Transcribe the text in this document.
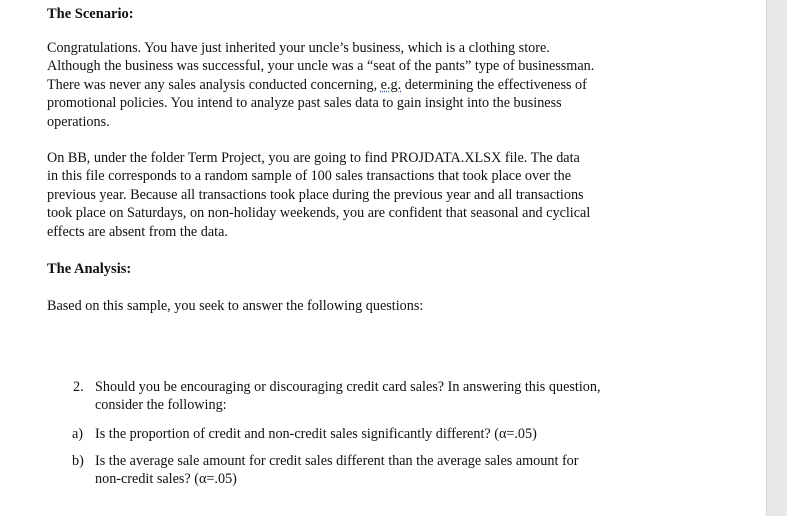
The Scenario:
Congratulations. You have just inherited your uncle’s business, which is a clothing store.
Although the business was successful, your uncle was a “seat of the pants” type of businessman.
There was never any sales analysis conducted concerning, e.g. determining the effectiveness of
promotional policies. You intend to analyze past sales data to gain insight into the business
operations.
On BB, under the folder Term Project, you are going to find PROJDATA.XLSX file. The data
in this file corresponds to a random sample of 100 sales transactions that took place over the
previous year. Because all transactions took place during the previous year and all transactions
took place on Saturdays, on non-holiday weekends, you are confident that seasonal and cyclical
effects are absent from the data.
The Analysis:
Based on this sample, you seek to answer the following questions:
2. Should you be encouraging or discouraging credit card sales? In answering this question,
consider the following:
a) Is the proportion of credit and non-credit sales significantly different? (α=.05)
b) Is the average sale amount for credit sales different than the average sales amount for
non-credit sales? (α=.05)
